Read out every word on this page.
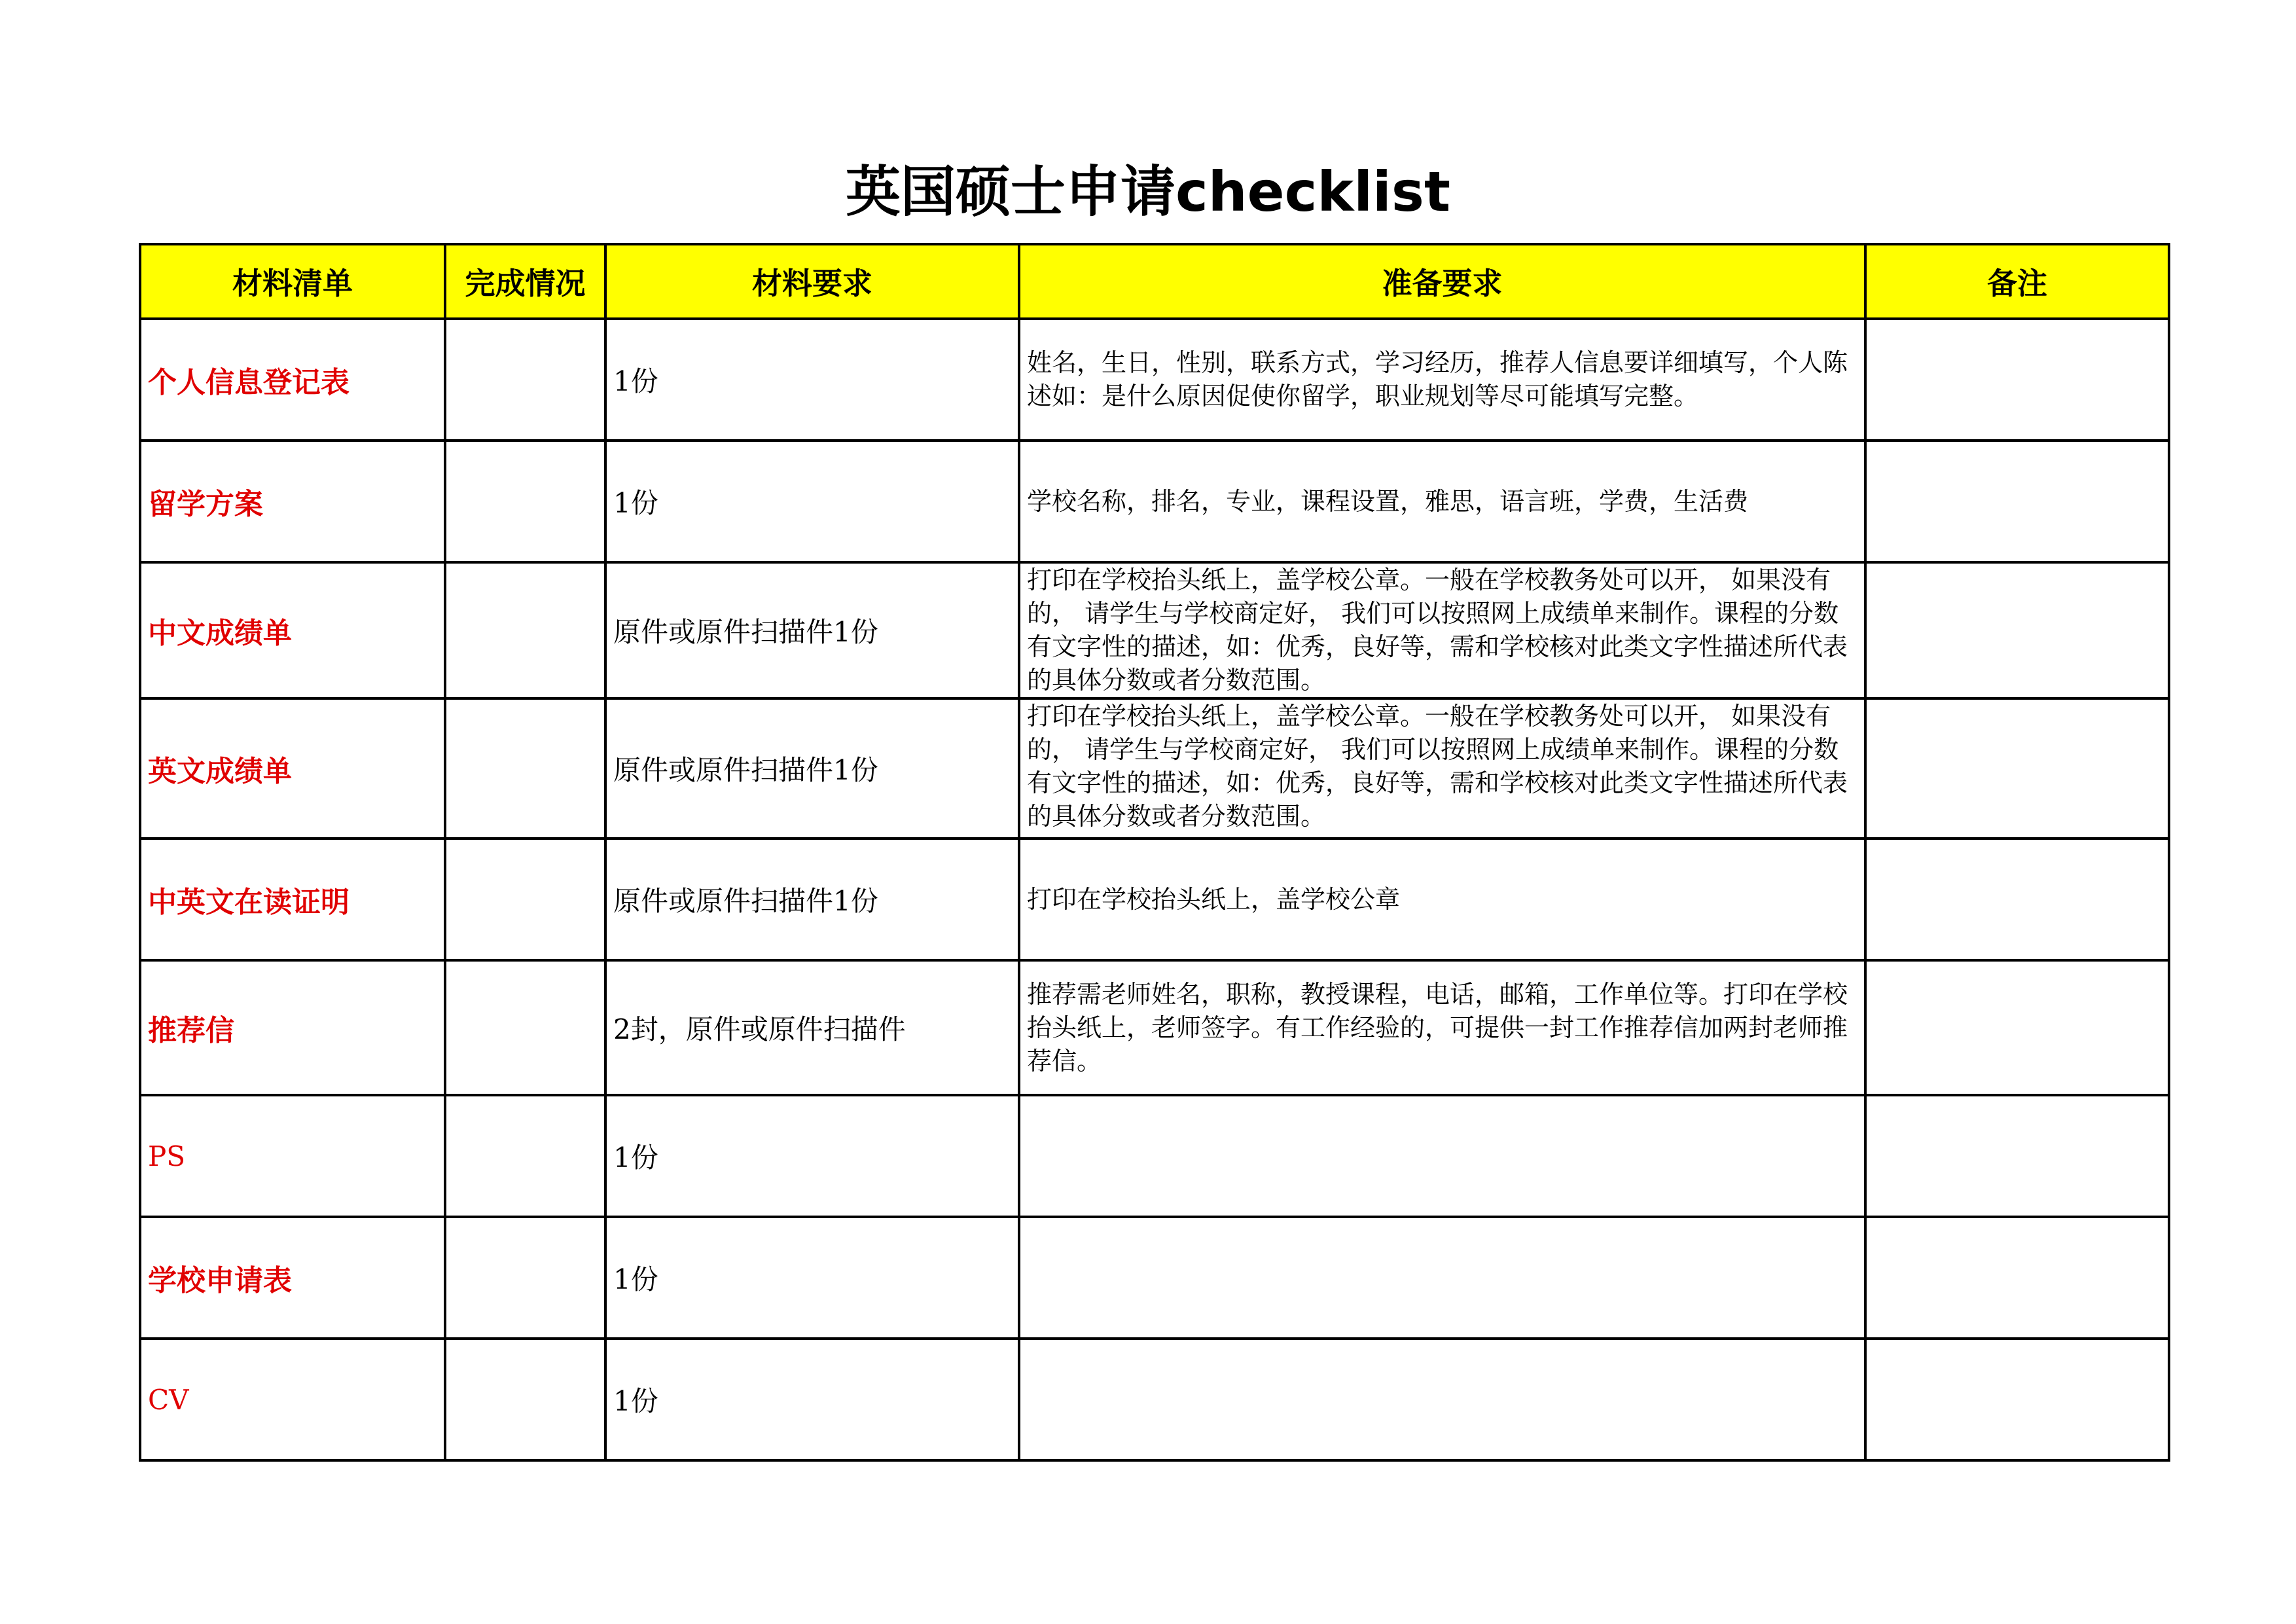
英国硕士申请checklist
材料清单	完成情况	材料要求	准备要求	备注
个人信息登记表		1份	姓名，生日，性别，联系方式，学习经历，推荐人信息要详细填写，个人陈述如：是什么原因促使你留学，职业规划等尽可能填写完整。	
留学方案		1份	学校名称，排名，专业，课程设置，雅思，语言班，学费，生活费	
中文成绩单		原件或原件扫描件1份	打印在学校抬头纸上，盖学校公章。一般在学校教务处可以开， 如果没有的， 请学生与学校商定好， 我们可以按照网上成绩单来制作。课程的分数有文字性的描述，如：优秀，良好等，需和学校核对此类文字性描述所代表的具体分数或者分数范围。	
英文成绩单		原件或原件扫描件1份	打印在学校抬头纸上，盖学校公章。一般在学校教务处可以开， 如果没有的， 请学生与学校商定好， 我们可以按照网上成绩单来制作。课程的分数有文字性的描述，如：优秀，良好等，需和学校核对此类文字性描述所代表的具体分数或者分数范围。	
中英文在读证明		原件或原件扫描件1份	打印在学校抬头纸上，盖学校公章	
推荐信		2封，原件或原件扫描件	推荐需老师姓名，职称，教授课程，电话，邮箱，工作单位等。打印在学校抬头纸上，老师签字。有工作经验的，可提供一封工作推荐信加两封老师推荐信。	
PS		1份		
学校申请表		1份		
CV		1份		
